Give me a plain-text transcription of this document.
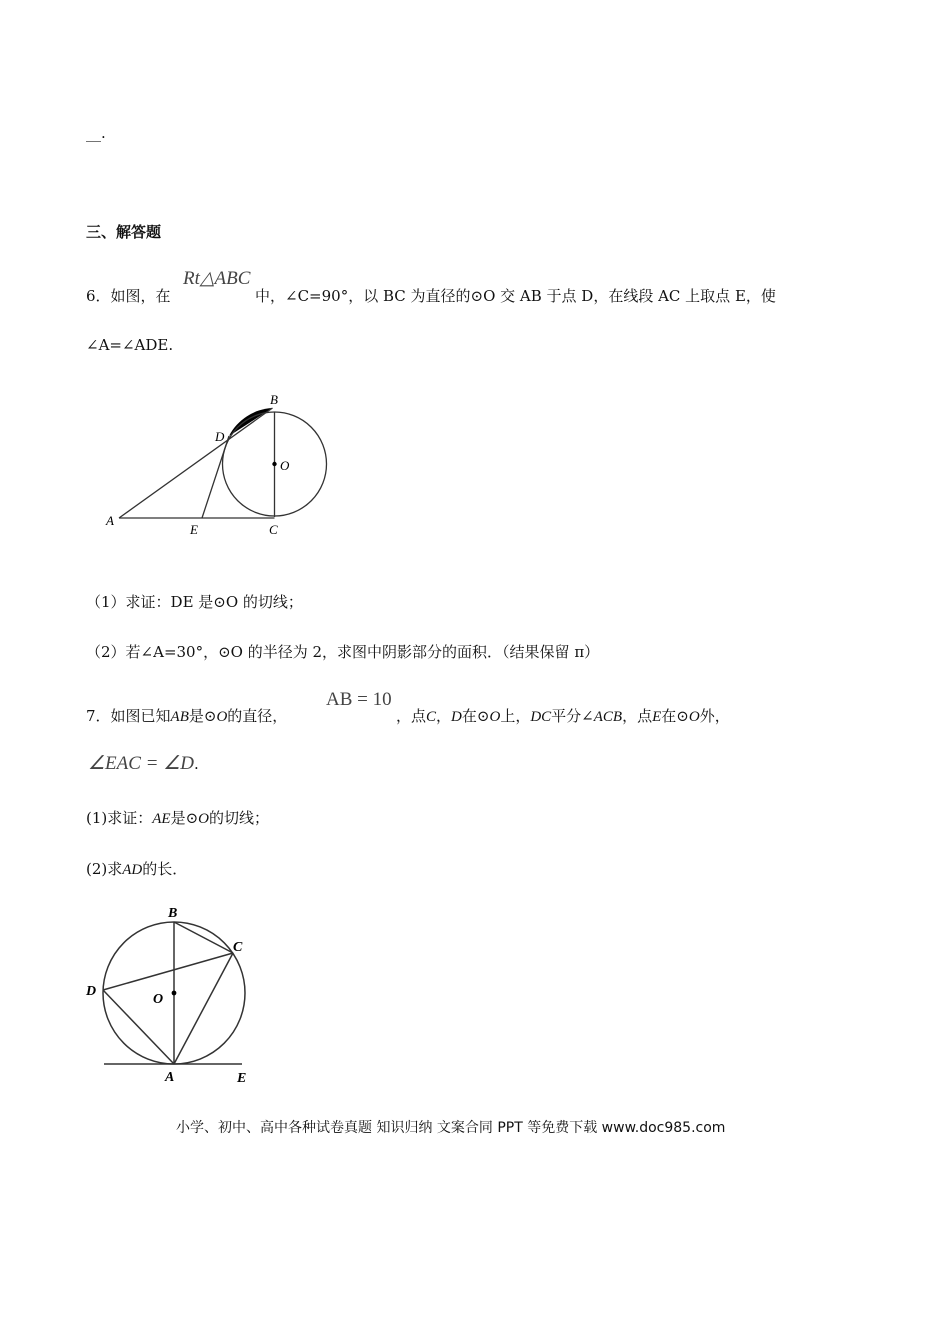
__.
三、解答题
6．如图，在
Rt△ABC
中，∠C=90°，以 BC 为直径的⊙O 交 AB 于点 D，在线段 AC 上取点 E，使
∠A=∠ADE.
A
B
C
D
E
O
（1）求证：DE 是⊙O 的切线；
（2）若∠A=30°，⊙O 的半径为 2，求图中阴影部分的面积．（结果保留 π）
7．如图已知AB是⊙O的直径，
AB = 10
，点C，D在⊙O上，DC平分∠ACB，点E在⊙O外，
∠EAC = ∠D.
(1)求证：AE是⊙O的切线；
(2)求AD的长．
B
C
D
O
A	E
小学、初中、高中各种试卷真题 知识归纳 文案合同 PPT 等免费下载 www.doc985.com
